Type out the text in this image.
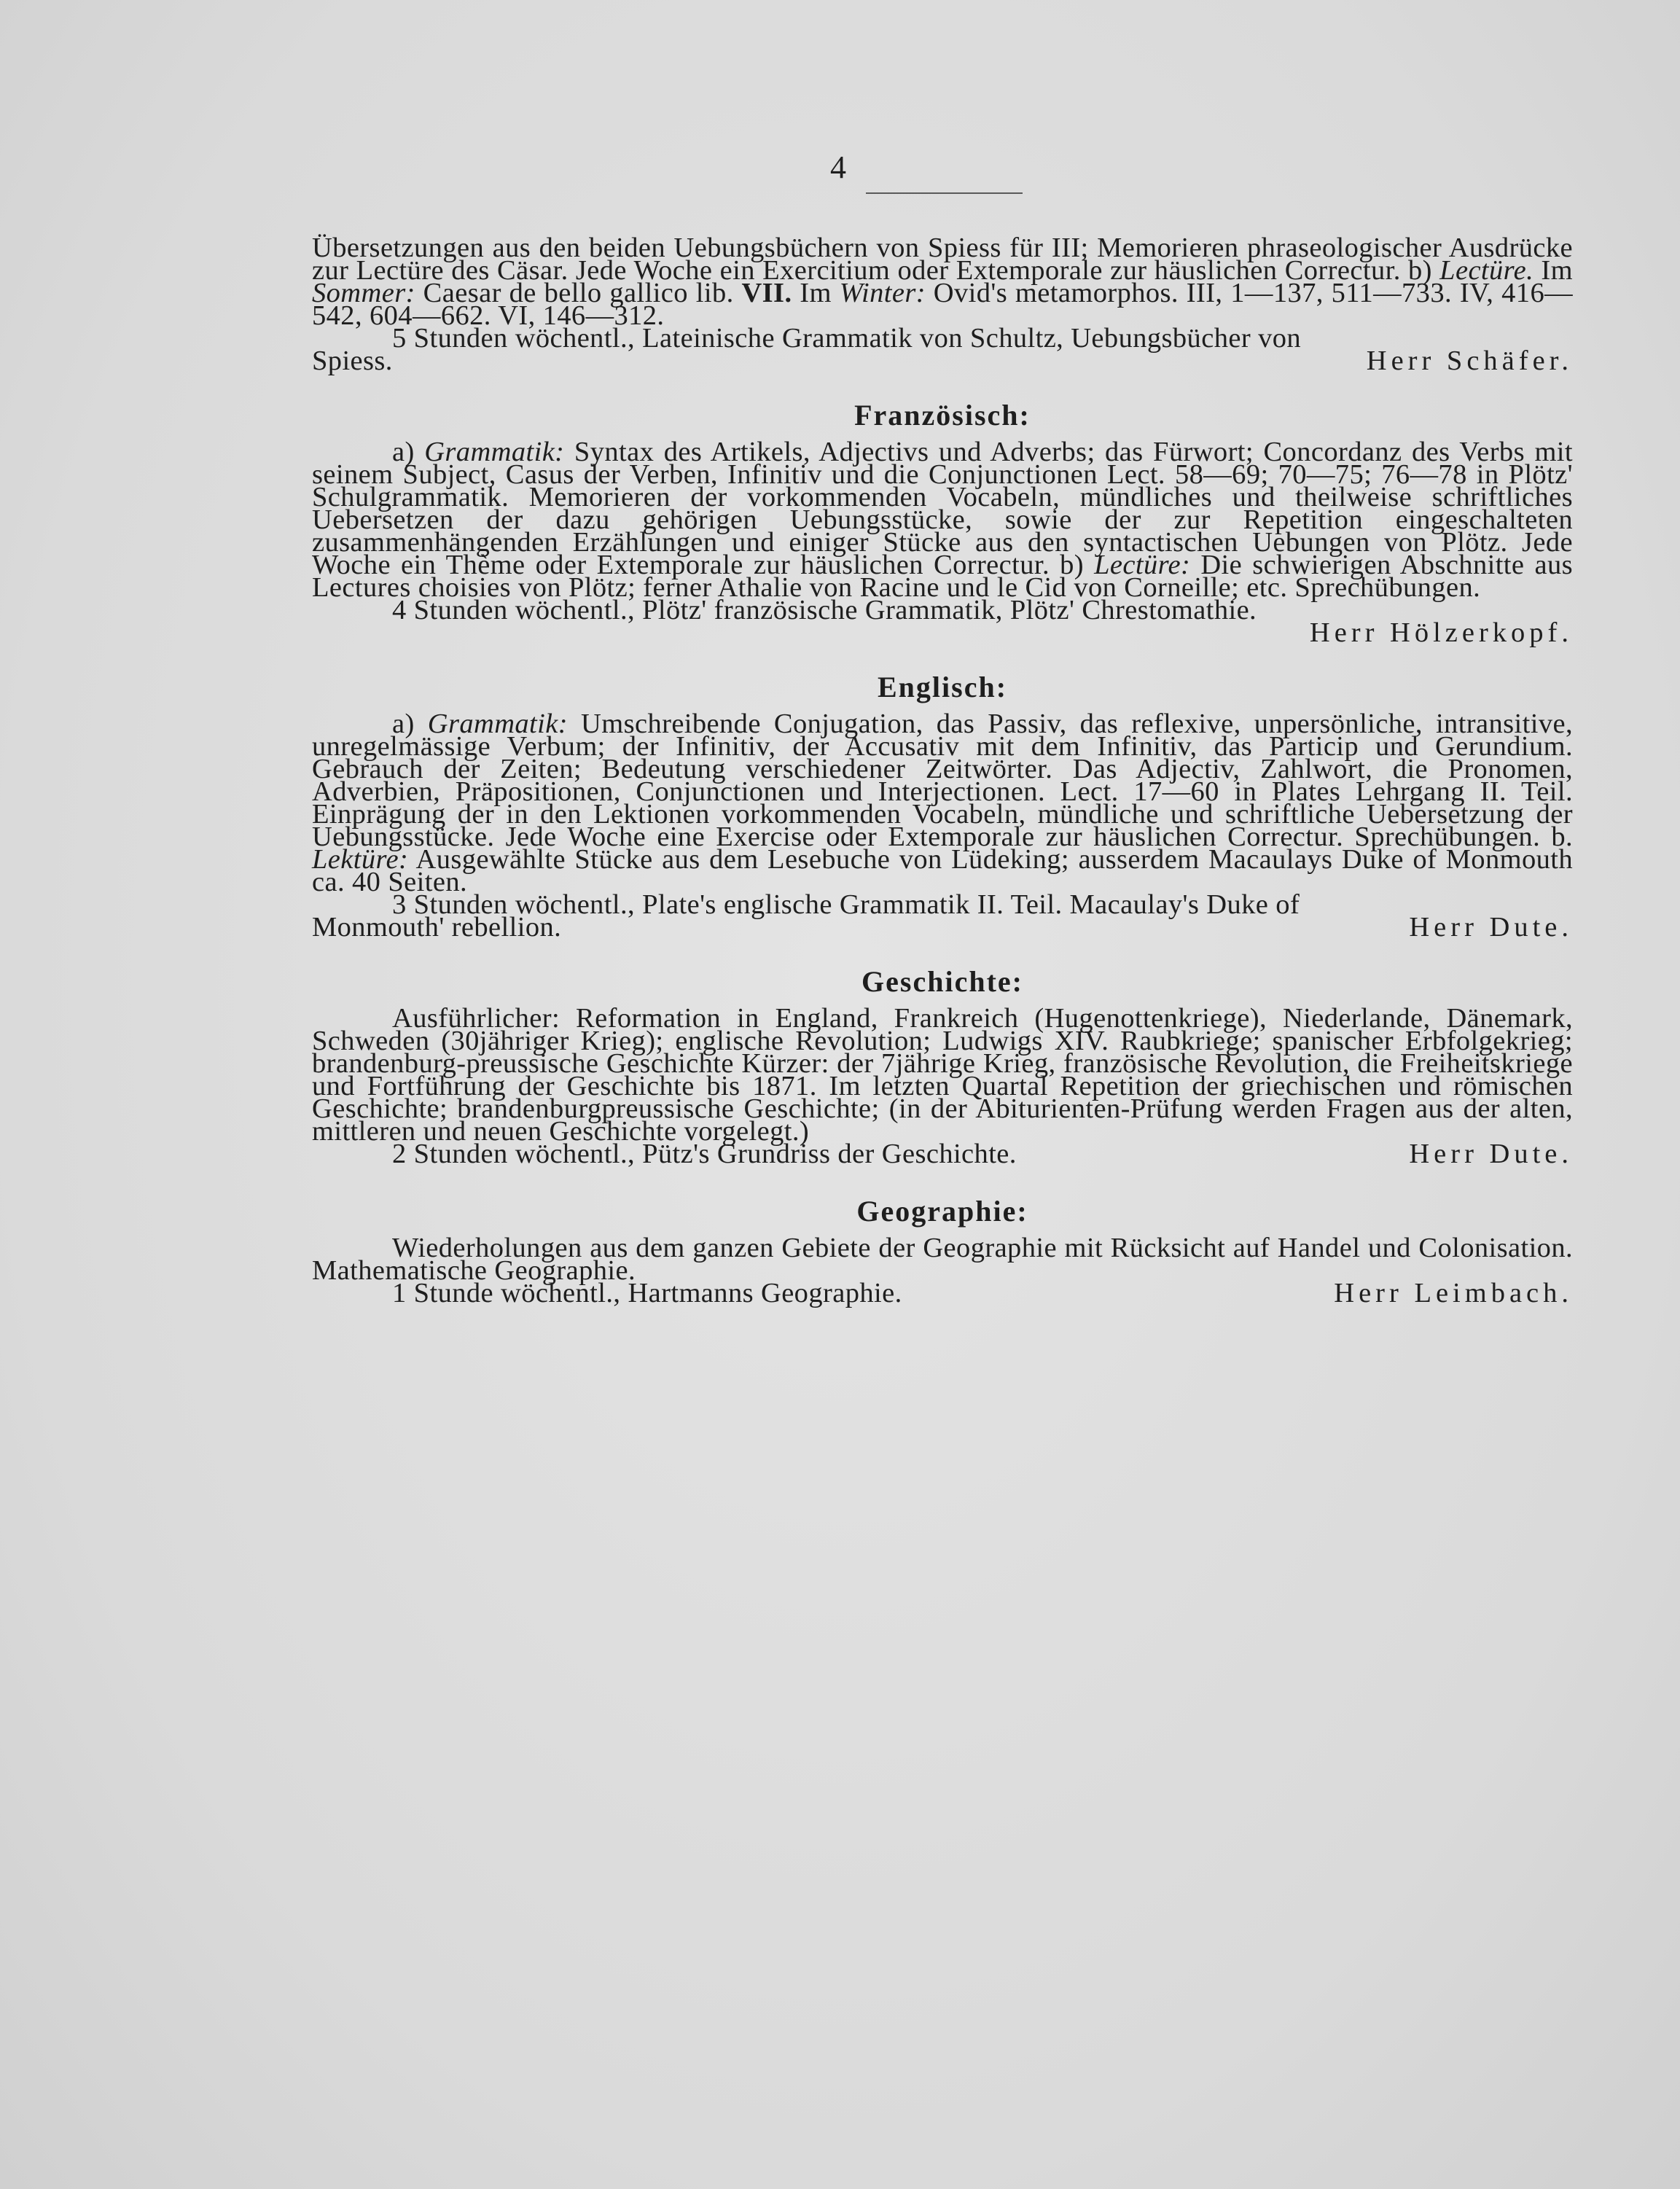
4

Übersetzungen aus den beiden Uebungsbüchern von Spiess für III; Memorieren phraseologischer Ausdrücke zur Lectüre des Cäsar. Jede Woche ein Exercitium oder Extemporale zur häuslichen Correctur. b) Lectüre. Im Sommer: Caesar de bello gallico lib. VII. Im Winter: Ovid's metamorphos. III, 1—137, 511—733. IV, 416—542, 604—662. VI, 146—312.

5 Stunden wöchentl., Lateinische Grammatik von Schultz, Uebungsbücher von

Spiess.	Herr Schäfer.
Französisch:

a) Grammatik: Syntax des Artikels, Adjectivs und Adverbs; das Fürwort; Concordanz des Verbs mit seinem Subject, Casus der Verben, Infinitiv und die Conjunctionen Lect. 58—69; 70—75; 76—78 in Plötz' Schulgrammatik. Memorieren der vorkommenden Vocabeln, mündliches und theilweise schriftliches Uebersetzen der dazu gehörigen Uebungsstücke, sowie der zur Repetition eingeschalteten zusammenhängenden Erzählungen und einiger Stücke aus den syntactischen Uebungen von Plötz. Jede Woche ein Thème oder Extemporale zur häuslichen Correctur. b) Lectüre: Die schwierigen Abschnitte aus Lectures choisies von Plötz; ferner Athalie von Racine und le Cid von Corneille; etc. Sprechübungen.

4 Stunden wöchentl., Plötz' französische Grammatik, Plötz' Chrestomathie.

Herr Hölzerkopf.

Englisch:

a) Grammatik: Umschreibende Conjugation, das Passiv, das reflexive, unpersönliche, intransitive, unregelmässige Verbum; der Infinitiv, der Accusativ mit dem Infinitiv, das Particip und Gerundium. Gebrauch der Zeiten; Bedeutung verschiedener Zeitwörter. Das Adjectiv, Zahlwort, die Pronomen, Adverbien, Präpositionen, Conjunctionen und Interjectionen. Lect. 17—60 in Plates Lehrgang II. Teil. Einprägung der in den Lektionen vorkommenden Vocabeln, mündliche und schriftliche Uebersetzung der Uebungsstücke. Jede Woche eine Exercise oder Extemporale zur häuslichen Correctur. Sprechübungen. b. Lektüre: Ausgewählte Stücke aus dem Lesebuche von Lüdeking; ausserdem Macaulays Duke of Monmouth ca. 40 Seiten.

3 Stunden wöchentl., Plate's englische Grammatik II. Teil. Macaulay's Duke of

Monmouth' rebellion.	Herr Dute.
Geschichte:

Ausführlicher: Reformation in England, Frankreich (Hugenottenkriege), Niederlande, Dänemark, Schweden (30jähriger Krieg); englische Revolution; Ludwigs XIV. Raubkriege; spanischer Erbfolgekrieg; brandenburg-preussische Geschichte Kürzer: der 7jährige Krieg, französische Revolution, die Freiheitskriege und Fortführung der Geschichte bis 1871. Im letzten Quartal Repetition der griechischen und römischen Geschichte; brandenburgpreussische Geschichte; (in der Abiturienten-Prüfung werden Fragen aus der alten, mittleren und neuen Geschichte vorgelegt.)

2 Stunden wöchentl., Pütz's Grundriss der Geschichte.	Herr Dute.
Geographie:

Wiederholungen aus dem ganzen Gebiete der Geographie mit Rücksicht auf Handel und Colonisation. Mathematische Geographie.

1 Stunde wöchentl., Hartmanns Geographie.	Herr Leimbach.
